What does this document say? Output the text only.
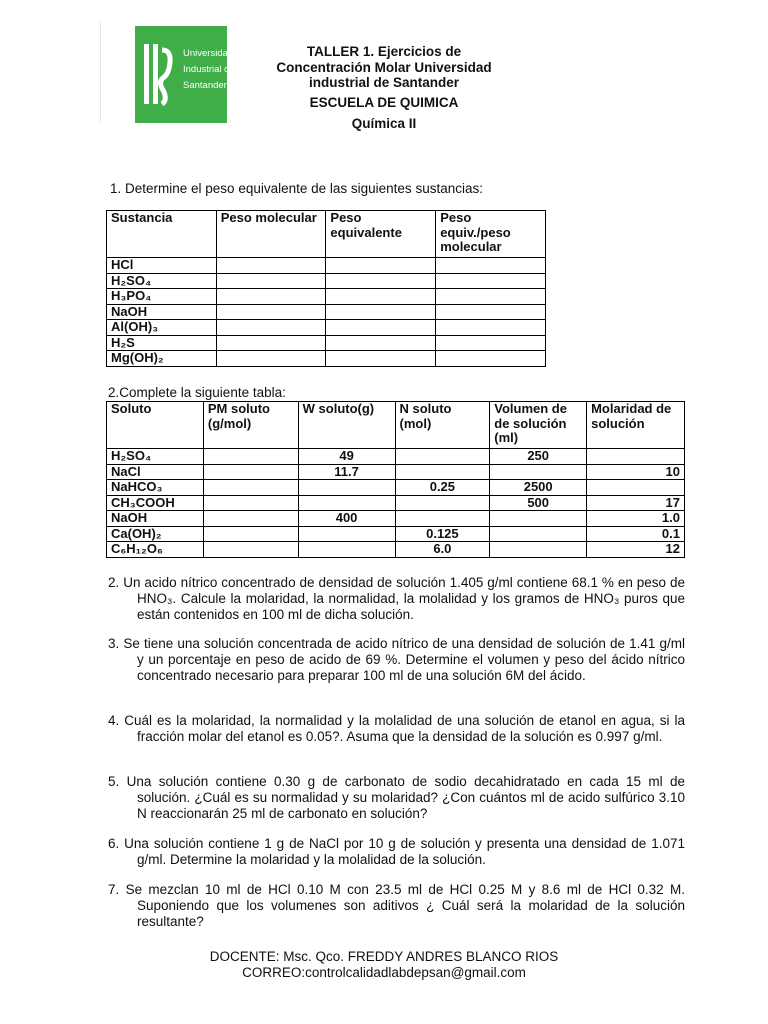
Universidad
Industrial de
Santander
TALLER 1. Ejercicios de Concentración Molar Universidad industrial de Santander
ESCUELA DE QUIMICA
Química II
1. Determine el peso equivalente de las siguientes sustancias:
Sustancia	Peso molecular	Peso equivalente	Peso equiv./peso molecular
HCl			
H₂SO₄			
H₃PO₄			
NaOH			
Al(OH)₃			
H₂S			
Mg(OH)₂			
2.Complete la siguiente tabla:
Soluto	PM soluto (g/mol)	W soluto(g)	N soluto (mol)	Volumen de de solución (ml)	Molaridad de solución
H₂SO₄		49		250	
NaCl		11.7			10
NaHCO₃			0.25	2500	
CH₃COOH				500	17
NaOH		400			1.0
Ca(OH)₂			0.125		0.1
C₆H₁₂O₆			6.0		12
2. Un acido nítrico concentrado de densidad de solución 1.405 g/ml contiene 68.1 % en peso de HNO₃. Calcule la molaridad, la normalidad, la molalidad y los gramos de HNO₃ puros que están contenidos en 100 ml de dicha solución.
3. Se tiene una solución concentrada de acido nítrico de una densidad de solución de 1.41 g/ml y un porcentaje en peso de acido de 69 %. Determine el volumen y peso del ácido nítrico concentrado necesario para preparar 100 ml de una solución 6M del ácido.
4. Cuál es la molaridad, la normalidad y la molalidad de una solución de etanol en agua, si la fracción molar del etanol es 0.05?. Asuma que la densidad de la solución es 0.997 g/ml.
5. Una solución contiene 0.30 g de carbonato de sodio decahidratado en cada 15 ml de solución. ¿Cuál es su normalidad y su molaridad? ¿Con cuántos ml de acido sulfúrico 3.10 N reaccionarán 25 ml de carbonato en solución?
6. Una solución contiene 1 g de NaCl por 10 g de solución y presenta una densidad de 1.071 g/ml. Determine la molaridad y la molalidad de la solución.
7. Se mezclan 10 ml de HCl 0.10 M con 23.5 ml de HCl 0.25 M y 8.6 ml de HCl 0.32 M. Suponiendo que los volumenes son aditivos ¿ Cuál será la molaridad de la solución resultante?
DOCENTE: Msc. Qco. FREDDY ANDRES BLANCO RIOS
CORREO:controlcalidadlabdepsan@gmail.com
